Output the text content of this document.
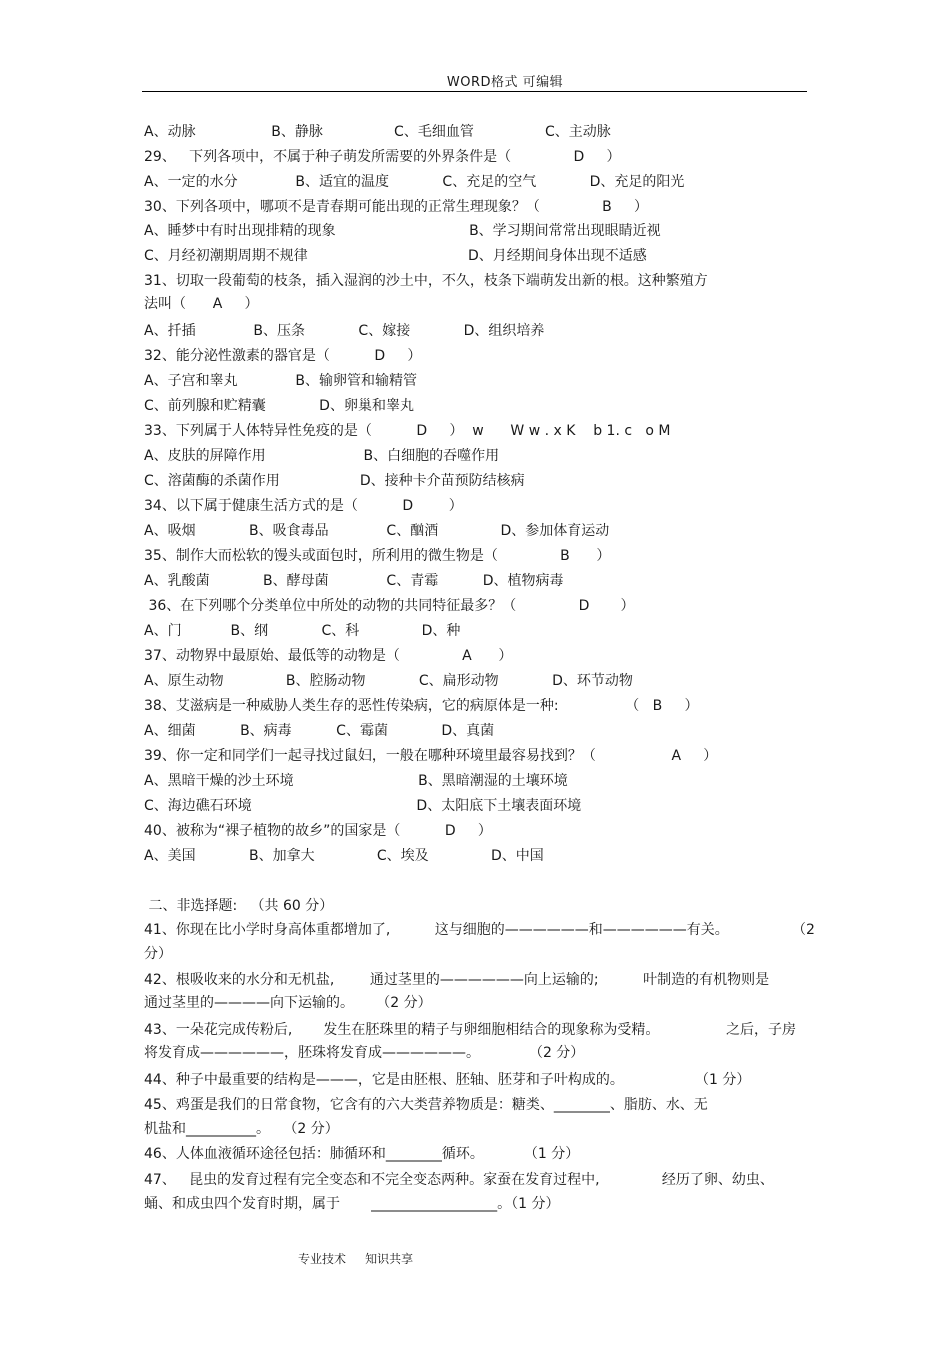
WORD格式 可编辑
A、动脉                 B、静脉                C、毛细血管                C、主动脉
29、   下列各项中，不属于种子萌发所需要的外界条件是（              D     ）
A、一定的水分             B、适宜的温度            C、充足的空气            D、充足的阳光
30、下列各项中，哪项不是青春期可能出现的正常生理现象？（              B     ）
A、睡梦中有时出现排精的现象                              B、学习期间常常出现眼睛近视
C、月经初潮期周期不规律                                    D、月经期间身体出现不适感
31、切取一段葡萄的枝条，插入湿润的沙土中，不久，枝条下端萌发出新的根。这种繁殖方
法叫（      A     ）
A、扦插             B、压条            C、嫁接            D、组织培养
32、能分泌性激素的器官是（          D     ）
A、子宫和睾丸             B、输卵管和输精管
C、前列腺和贮精囊            D、卵巢和睾丸
33、下列属于人体特异性免疫的是（          D     ）  w      W w . x K    b 1. c   o M
A、皮肤的屏障作用                      B、白细胞的吞噬作用
C、溶菌酶的杀菌作用                  D、接种卡介苗预防结核病
34、以下属于健康生活方式的是（          D        ）
A、吸烟            B、吸食毒品             C、酗酒              D、参加体育运动
35、制作大而松软的馒头或面包时，所利用的微生物是（              B      ）
A、乳酸菌            B、酵母菌             C、青霉          D、植物病毒
36、在下列哪个分类单位中所处的动物的共同特征最多？（              D       ）
A、门           B、纲            C、科              D、种
37、动物界中最原始、最低等的动物是（              A      ）
A、原生动物              B、腔肠动物            C、扁形动物            D、环节动物
38、艾滋病是一种威胁人类生存的恶性传染病，它的病原体是一种:               （   B     ）
A、细菌          B、病毒          C、霉菌            D、真菌
39、你一定和同学们一起寻找过鼠妇，一般在哪种环境里最容易找到？（                 A     ）
A、黑暗干燥的沙土环境                            B、黑暗潮湿的土壤环境
C、海边礁石环境                                     D、太阳底下土壤表面环境
40、被称为“裸子植物的故乡”的国家是（          D     ）
A、美国            B、加拿大              C、埃及              D、中国
二、非选择题:   （共 60 分）
41、你现在比小学时身高体重都增加了,          这与细胞的——————和——————有关。
分）
42、根吸收来的水分和无机盐,        通过茎里的——————向上运输的;          叶制造的有机物则是
通过茎里的————向下运输的。     （2 分）
43、一朵花完成传粉后,       发生在胚珠里的精子与卵细胞相结合的现象称为受精。
将发育成——————，胚珠将发育成——————。           （2 分）
44、种子中最重要的结构是———，它是由胚根、胚轴、胚芽和子叶构成的。                （1 分）
45、鸡蛋是我们的日常食物，它含有的六大类营养物质是：糖类、________、脂肪、水、无
机盐和__________。   （2 分）
46、人体血液循环途径包括：肺循环和________循环。         （1 分）
47、   昆虫的发育过程有完全变态和不完全变态两种。家蚕在发育过程中,              经历了卵、幼虫、
蛹、和成虫四个发育时期，属于       __________________。（1 分）
（2
之后，子房
专业技术     知识共享
